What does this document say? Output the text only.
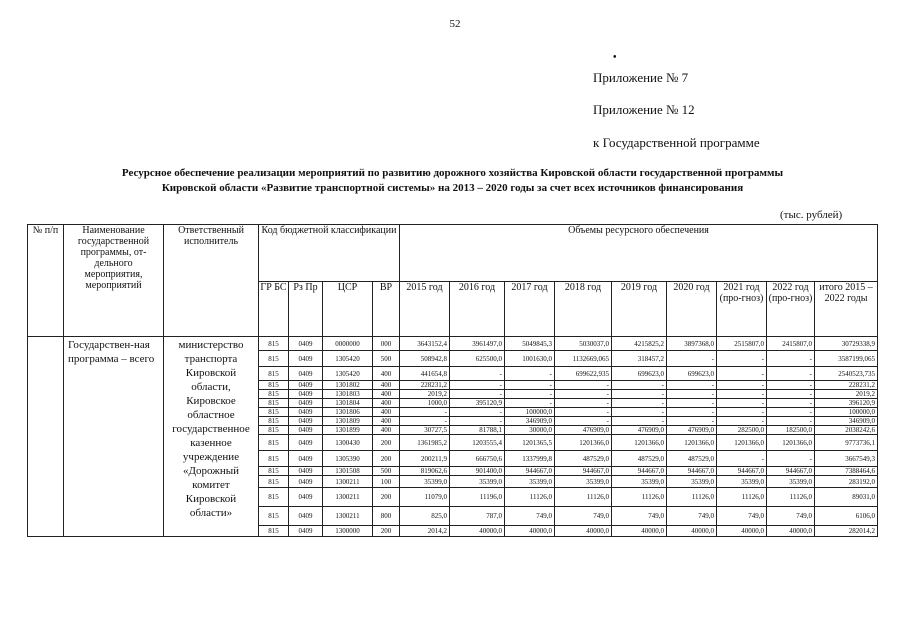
52
•
Приложение № 7
Приложение № 12
к Государственной программе
Ресурсное обеспечение реализации мероприятий по развитию дорожного хозяйства Кировской области государственной программы
Кировской области «Развитие транспортной системы» на 2013 – 2020 годы за счет всех источников финансирования
(тыс. рублей)
№ п/п	Наименование государственной программы, от-дельного мероприятия, мероприятий	Ответственный исполнитель	Код бюджетной классификации				Объемы ресурсного обеспечения								
			ГР БС	Рз Пр	ЦСР	ВР	2015 год	2016 год	2017 год	2018 год	2019 год	2020 год	2021 год (про-гноз)	2022 год (про-гноз)	итого 2015 – 2022 годы
	Государствен-ная программа – всего	министерство транспорта Кировской области, Кировское областное государственное казенное учреждение «Дорожный комитет Кировской области»	815	0409	0000000	000	3643152,4	3961497,0	5049845,3	5030037,0	4215825,2	3897368,0	2515807,0	2415807,0	30729338,9
			815	0409	1305420	500	508942,8	625500,0	1001630,0	1132669,065	318457,2	-	-	-	3587199,065
			815	0409	1305420	400	441654,8	-	-	699622,935	699623,0	699623,0	-	-	2540523,735
			815	0409	1301802	400	228231,2	-	-	-	-	-	-	-	228231,2
			815	0409	1301803	400	2019,2	-	-	-	-	-	-	-	2019,2
			815	0409	1301804	400	1000,0	395120,9	-	-	-	-	-	-	396120,9
			815	0409	1301806	400	-	-	100000,0	-	-	-	-	-	100000,0
			815	0409	1301809	400	-	-	346909,0	-	-	-	-	-	346909,0
			815	0409	1301899	400	30727,5	81788,1	30000,0	476909,0	476909,0	476909,0	282500,0	182500,0	2038242,6
			815	0409	1300430	200	1361985,2	1203555,4	1201365,5	1201366,0	1201366,0	1201366,0	1201366,0	1201366,0	9773736,1
			815	0409	1305390	200	200211,9	666750,6	1337999,8	487529,0	487529,0	487529,0	-	-	3667549,3
			815	0409	1301508	500	819062,6	901400,0	944667,0	944667,0	944667,0	944667,0	944667,0	944667,0	7388464,6
			815	0409	1300211	100	35399,0	35399,0	35399,0	35399,0	35399,0	35399,0	35399,0	35399,0	283192,0
			815	0409	1300211	200	11079,0	11196,0	11126,0	11126,0	11126,0	11126,0	11126,0	11126,0	89031,0
			815	0409	1300211	800	825,0	787,0	749,0	749,0	749,0	749,0	749,0	749,0	6106,0
			815	0409	1300000	200	2014,2	40000,0	40000,0	40000,0	40000,0	40000,0	40000,0	40000,0	282014,2
